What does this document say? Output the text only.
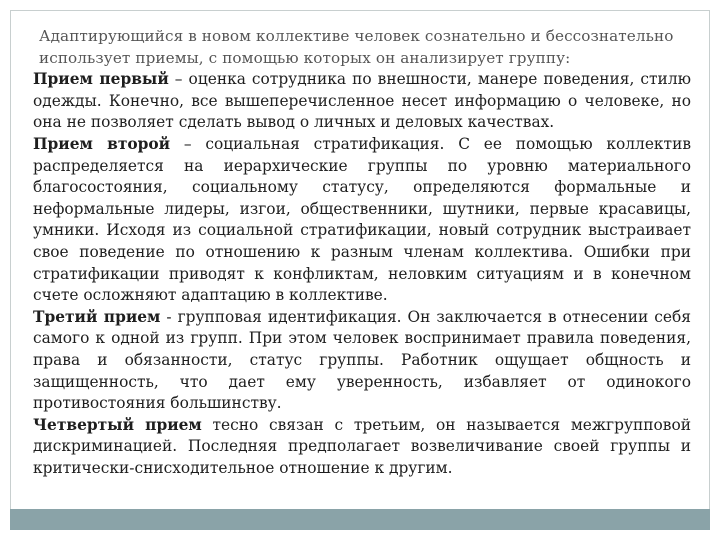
Адаптирующийся в новом коллективе человек сознательно и бессознательно
использует приемы, с помощью которых он анализирует группу:
Прием первый – оценка сотрудника по внешности, манере поведения, стилю одежды. Конечно, все вышеперечисленное несет информацию о человеке, но она не позволяет сделать вывод о личных и деловых качествах.
Прием второй – социальная стратификация. С ее помощью коллектив распределяется на иерархические группы по уровню материального благосостояния, социальному статусу, определяются формальные и неформальные лидеры, изгои, общественники, шутники, первые красавицы, умники. Исходя из социальной стратификации, новый сотрудник выстраивает свое поведение по отношению к разным членам коллектива. Ошибки при стратификации приводят к конфликтам, неловким ситуациям и в конечном счете осложняют адаптацию в коллективе.
Третий прием - групповая идентификация. Он заключается в отнесении себя самого к одной из групп. При этом человек воспринимает правила поведения, права и обязанности, статус группы. Работник ощущает общность и защищенность, что дает ему уверенность, избавляет от одинокого противостояния большинству.
Четвертый прием тесно связан с третьим, он называется межгрупповой дискриминацией. Последняя предполагает возвеличивание своей группы и критически-снисходительное отношение к другим.
